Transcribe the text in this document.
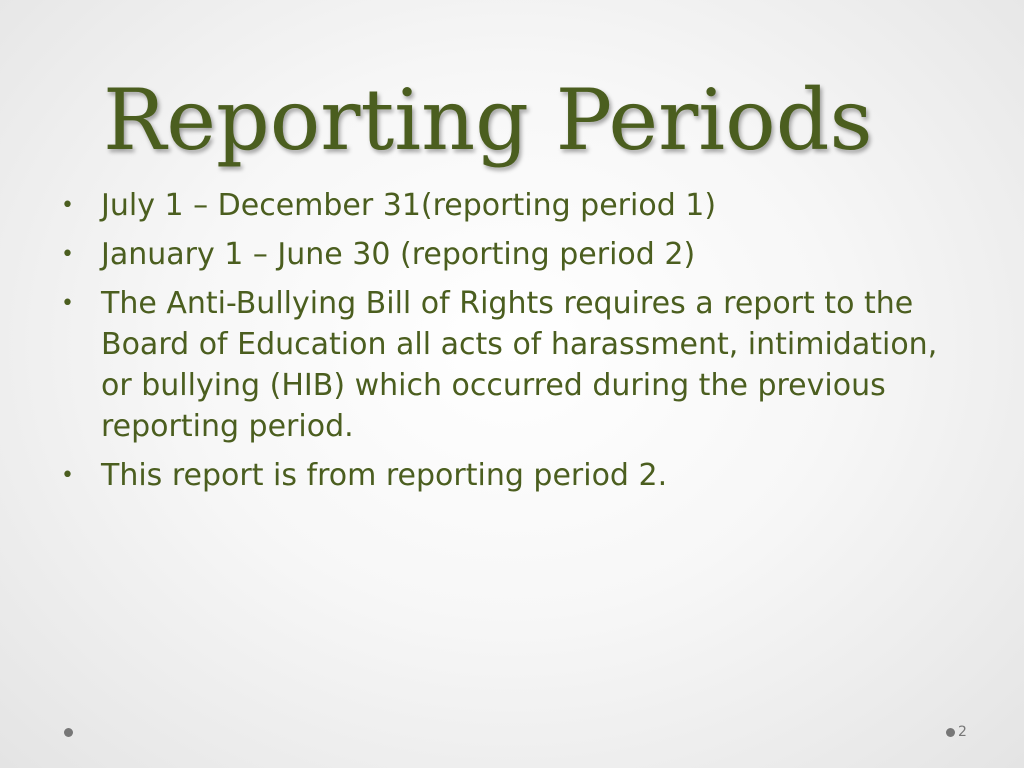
Reporting Periods
• July 1 – December 31(reporting period 1)
• January 1 – June 30 (reporting period 2)
• The Anti-Bullying Bill of Rights requires a report to the Board of Education all acts of harassment, intimidation, or bullying (HIB) which occurred during the previous reporting period.
• This report is from reporting period 2.
2
